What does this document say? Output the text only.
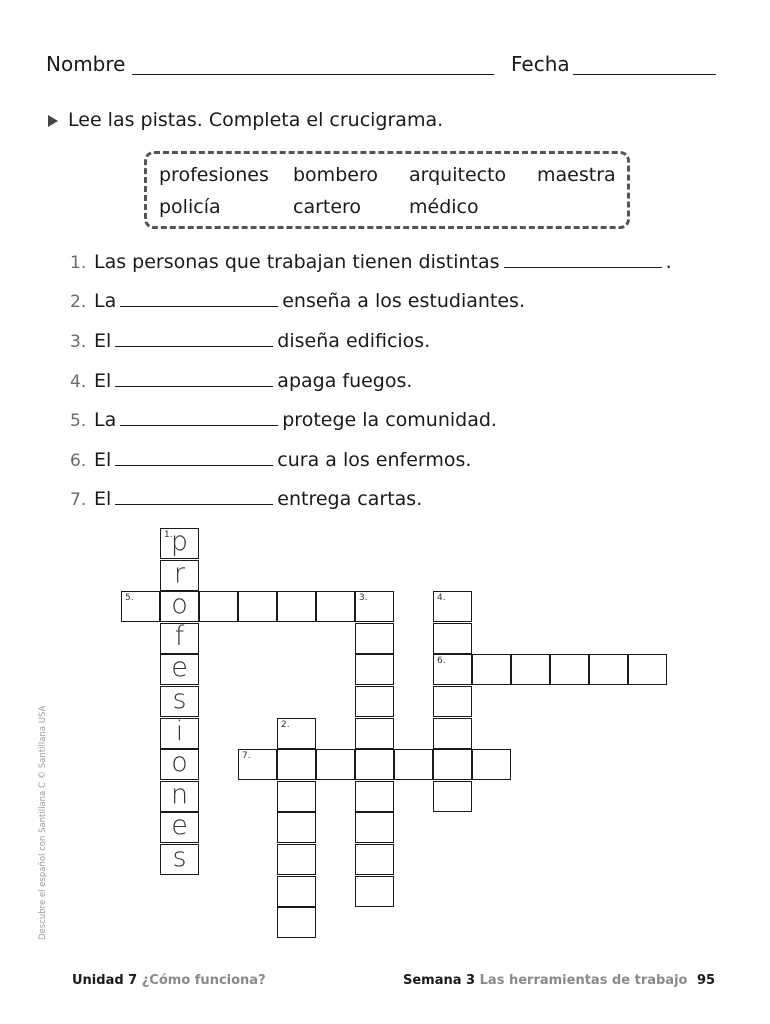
Nombre	Fecha
Lee las pistas. Completa el crucigrama.
profesiones bombero arquitecto maestra
policía	cartero	médico
1. Las personas que trabajan tienen distintas	.
2. La	enseña a los estudiantes.
3. El	diseña edificios.
4. El	apaga fuegos.
5. La	protege la comunidad.
6. El	cura a los enfermos.
7. El	entrega cartas.
p
1.
r
o
f
e
s
i
o
n
e
s
5.	3.	4.
6.
7.
2.
Unidad 7 ¿Cómo funciona?	Semana 3 Las herramientas de trabajo 95
Descubre el español con Santillana C © Santillana USA
